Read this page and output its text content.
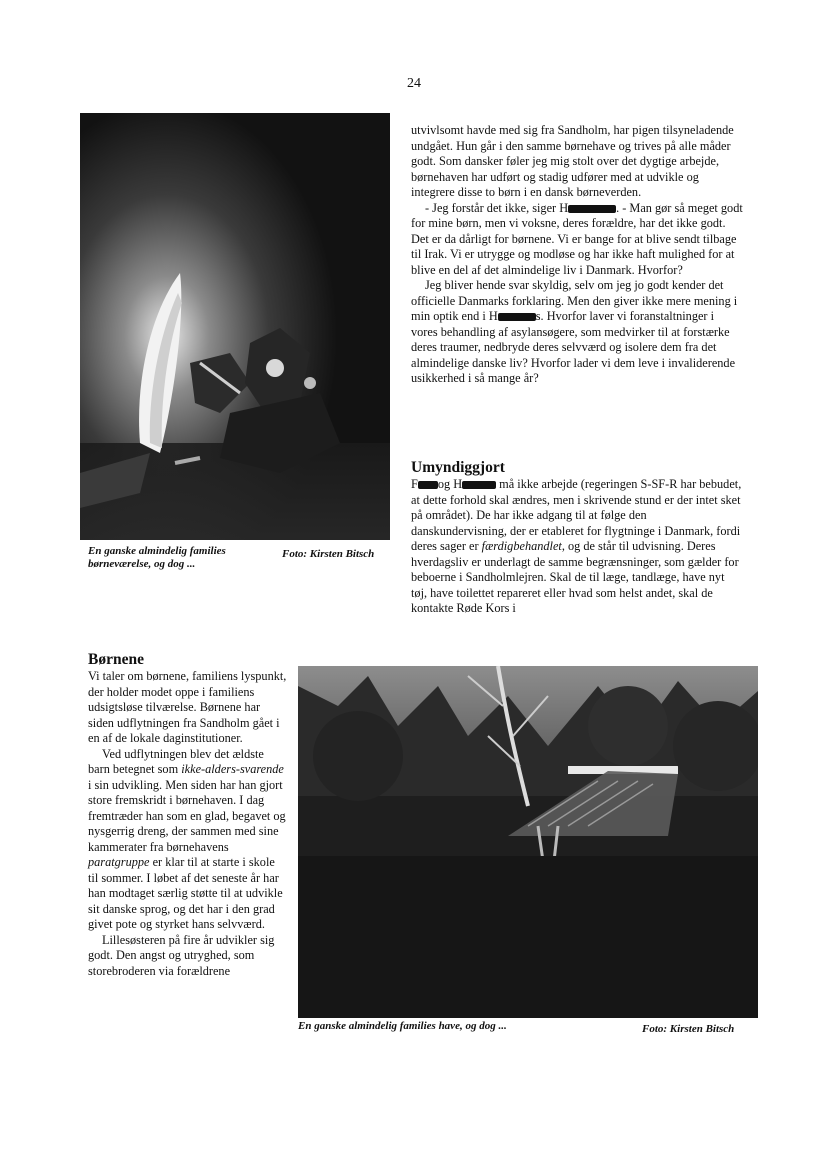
24
En ganske almindelig families børneværelse, og dog ...
Foto: Kirsten Bitsch

utvivlsomt havde med sig fra Sandholm, har pigen tilsyneladende undgået. Hun går i den samme børnehave og trives på alle måder godt. Som dansker føler jeg mig stolt over det dygtige arbejde, børnehaven har udført og stadig udfører med at udvikle og integrere disse to børn i en dansk børneverden.

- Jeg forstår det ikke, siger H	. - Man gør så meget godt for mine børn, men vi voksne, deres forældre, har det ikke godt. Det er da dårligt for børnene. Vi er bange for at blive sendt tilbage til Irak. Vi er utrygge og modløse og har ikke haft mulighed for at blive en del af det almindelige liv i Danmark. Hvorfor?

Jeg bliver hende svar skyldig, selv om jeg jo godt kender det officielle Danmarks forklaring. Men den giver ikke mere mening i min optik end i H	s. Hvorfor laver vi foranstaltninger i vores behandling af asylansøgere, som medvirker til at forstærke deres traumer, nedbryde deres selvværd og isolere dem fra det almindelige danske liv? Hvorfor lader vi dem leve i invaliderende usikkerhed i så mange år?

Umyndiggjort

F og H	må ikke arbejde (regeringen S-SF-R har bebudet, at dette forhold skal ændres, men i skrivende stund er der intet sket på området). De har ikke adgang til at følge den danskundervisning, der er etableret for flygtninge i Danmark, fordi deres sager er færdigbehandlet, og de står til udvisning. Deres hverdagsliv er underlagt de samme begrænsninger, som gælder for beboerne i Sandholmlejren. Skal de til læge, tandlæge, have nyt tøj, have toilettet repareret eller hvad som helst andet, skal de kontakte Røde Kors i

Børnene

Vi taler om børnene, familiens lyspunkt, der holder modet oppe i familiens udsigtsløse tilværelse. Børnene har siden udflytningen fra Sandholm gået i en af de lokale daginstitutioner.

Ved udflytningen blev det ældste barn betegnet som ikke-alders-svarende i sin udvikling. Men siden har han gjort store fremskridt i børnehaven. I dag fremtræder han som en glad, begavet og nysgerrig dreng, der sammen med sine kammerater fra børnehavens paratgruppe er klar til at starte i skole til sommer. I løbet af det seneste år har han modtaget særlig støtte til at udvikle sit danske sprog, og det har i den grad givet pote og styrket hans selvværd.

Lillesøsteren på fire år udvikler sig godt. Den angst og utryghed, som storebroderen via forældrene

En ganske almindelig families have, og dog ...	Foto: Kirsten Bitsch
